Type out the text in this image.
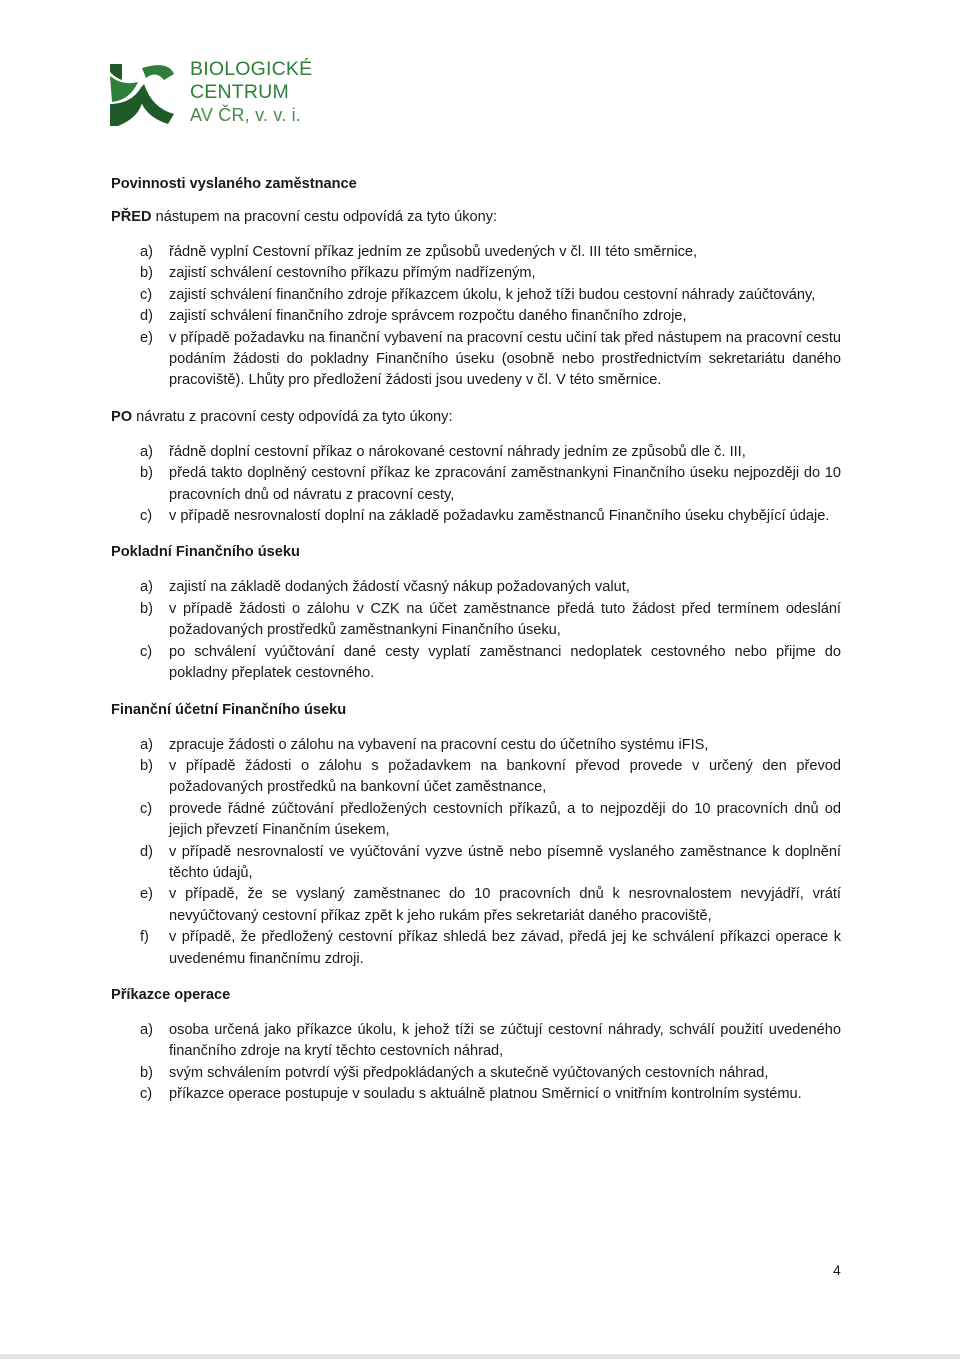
BIOLOGICKÉ
CENTRUM
AV ČR, v. v. i.

Povinnosti vyslaného zaměstnance

PŘED nástupem na pracovní cestu odpovídá za tyto úkony:

a) řádně vyplní Cestovní příkaz jedním ze způsobů uvedených v čl. III této směrnice,
b) zajistí schválení cestovního příkazu přímým nadřízeným,
c) zajistí schválení finančního zdroje příkazcem úkolu, k jehož tíži budou cestovní náhrady zaúčtovány,
d) zajistí schválení finančního zdroje správcem rozpočtu daného finančního zdroje,
e) v případě požadavku na finanční vybavení na pracovní cestu učiní tak před nástupem na pracovní cestu podáním žádosti do pokladny Finančního úseku (osobně nebo prostřednictvím sekretariátu daného pracoviště). Lhůty pro předložení žádosti jsou uvedeny v čl. V této směrnice.

PO návratu z pracovní cesty odpovídá za tyto úkony:

a) řádně doplní cestovní příkaz o nárokované cestovní náhrady jedním ze způsobů dle č. III,
b) předá takto doplněný cestovní příkaz ke zpracování zaměstnankyni Finančního úseku nejpozději do 10 pracovních dnů od návratu z pracovní cesty,
c) v případě nesrovnalostí doplní na základě požadavku zaměstnanců Finančního úseku chybějící údaje.

Pokladní Finančního úseku

a) zajistí na základě dodaných žádostí včasný nákup požadovaných valut,
b) v případě žádosti o zálohu v CZK na účet zaměstnance předá tuto žádost před termínem odeslání požadovaných prostředků zaměstnankyni Finančního úseku,
c) po schválení vyúčtování dané cesty vyplatí zaměstnanci nedoplatek cestovného nebo přijme do pokladny přeplatek cestovného.

Finanční účetní Finančního úseku

a) zpracuje žádosti o zálohu na vybavení na pracovní cestu do účetního systému iFIS,
b) v případě žádosti o zálohu s požadavkem na bankovní převod provede v určený den převod požadovaných prostředků na bankovní účet zaměstnance,
c) provede řádné zúčtování předložených cestovních příkazů, a to nejpozději do 10 pracovních dnů od jejich převzetí Finančním úsekem,
d) v případě nesrovnalostí ve vyúčtování vyzve ústně nebo písemně vyslaného zaměstnance k doplnění těchto údajů,
e) v případě, že se vyslaný zaměstnanec do 10 pracovních dnů k nesrovnalostem nevyjádří, vrátí nevyúčtovaný cestovní příkaz zpět k jeho rukám přes sekretariát daného pracoviště,
f) v případě, že předložený cestovní příkaz shledá bez závad, předá jej ke schválení příkazci operace k uvedenému finančnímu zdroji.

Příkazce operace

a) osoba určená jako příkazce úkolu, k jehož tíži se zúčtují cestovní náhrady, schválí použití uvedeného finančního zdroje na krytí těchto cestovních náhrad,
b) svým schválením potvrdí výši předpokládaných a skutečně vyúčtovaných cestovních náhrad,
c) příkazce operace postupuje v souladu s aktuálně platnou Směrnicí o vnitřním kontrolním systému.
4
